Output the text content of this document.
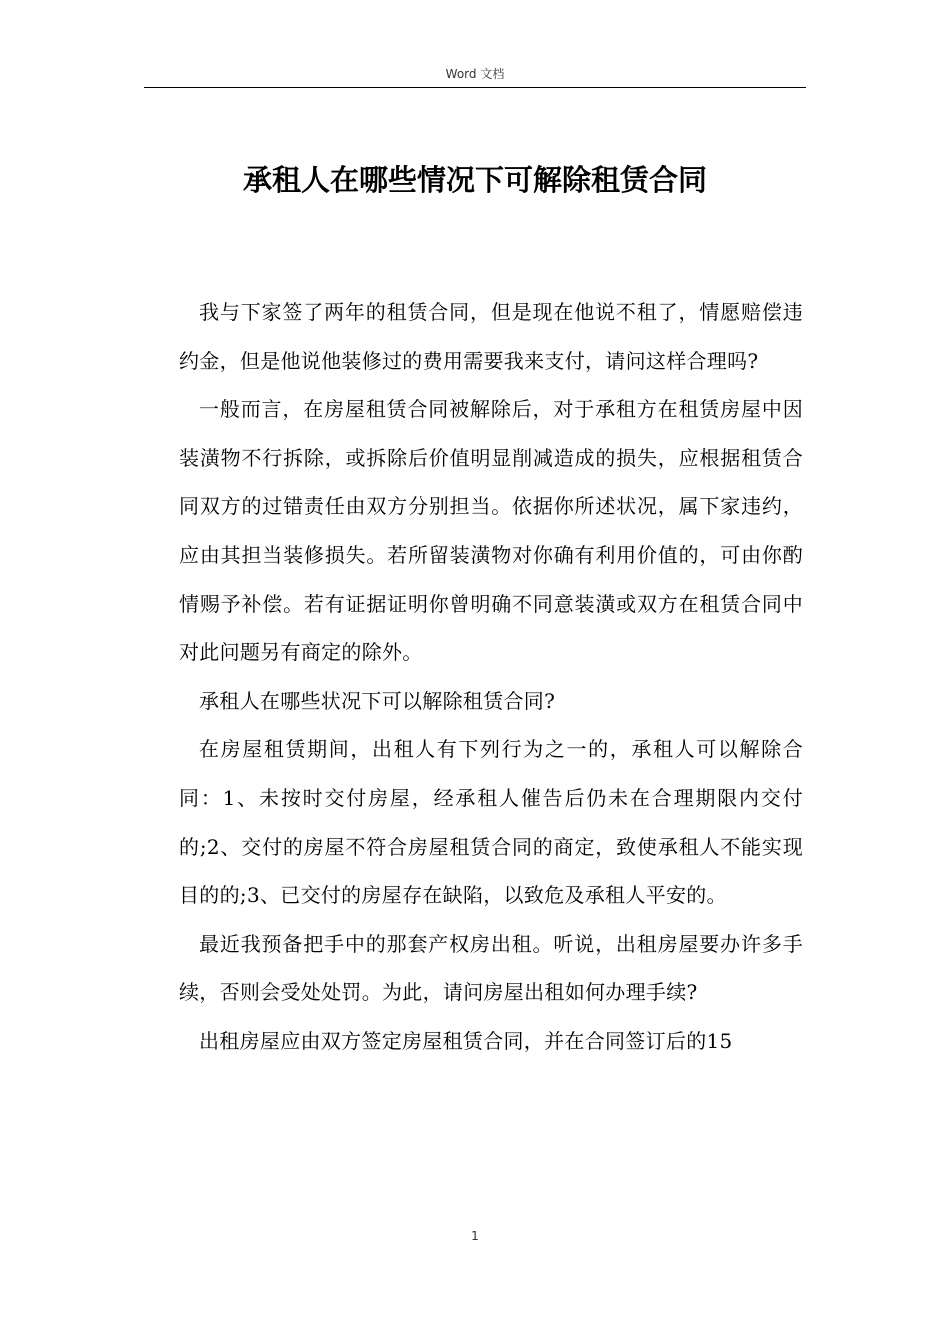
Word 文档
承租人在哪些情况下可解除租赁合同

我与下家签了两年的租赁合同，但是现在他说不租了，情愿赔偿违约金，但是他说他装修过的费用需要我来支付，请问这样合理吗?

一般而言，在房屋租赁合同被解除后，对于承租方在租赁房屋中因装潢物不行拆除，或拆除后价值明显削减造成的损失，应根据租赁合同双方的过错责任由双方分别担当。依据你所述状况，属下家违约，应由其担当装修损失。若所留装潢物对你确有利用价值的，可由你酌情赐予补偿。若有证据证明你曾明确不同意装潢或双方在租赁合同中对此问题另有商定的除外。

承租人在哪些状况下可以解除租赁合同?

在房屋租赁期间，出租人有下列行为之一的，承租人可以解除合同：1、未按时交付房屋，经承租人催告后仍未在合理期限内交付的;2、交付的房屋不符合房屋租赁合同的商定，致使承租人不能实现目的的;3、已交付的房屋存在缺陷，以致危及承租人平安的。

最近我预备把手中的那套产权房出租。听说，出租房屋要办许多手续，否则会受处处罚。为此，请问房屋出租如何办理手续?

出租房屋应由双方签定房屋租赁合同，并在合同签订后的15

1
